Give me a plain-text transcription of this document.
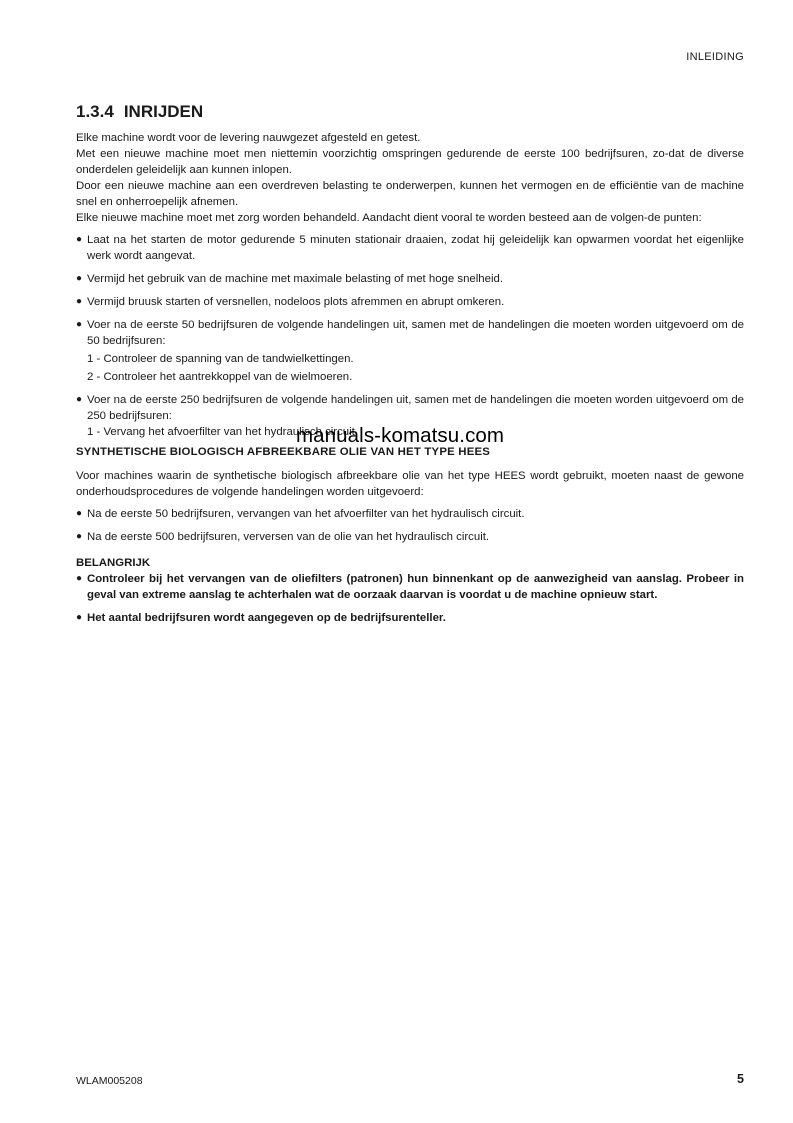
INLEIDING
1.3.4 INRIJDEN

Elke machine wordt voor de levering nauwgezet afgesteld en getest.

Met een nieuwe machine moet men niettemin voorzichtig omspringen gedurende de eerste 100 bedrijfsuren, zo-dat de diverse onderdelen geleidelijk aan kunnen inlopen.

Door een nieuwe machine aan een overdreven belasting te onderwerpen, kunnen het vermogen en de efficiëntie van de machine snel en onherroepelijk afnemen.

Elke nieuwe machine moet met zorg worden behandeld. Aandacht dient vooral te worden besteed aan de volgen-de punten:

● Laat na het starten de motor gedurende 5 minuten stationair draaien, zodat hij geleidelijk kan opwarmen voordat het eigenlijke werk wordt aangevat.
● Vermijd het gebruik van de machine met maximale belasting of met hoge snelheid.
● Vermijd bruusk starten of versnellen, nodeloos plots afremmen en abrupt omkeren.
● Voer na de eerste 50 bedrijfsuren de volgende handelingen uit, samen met de handelingen die moeten worden uitgevoerd om de 50 bedrijfsuren:
1 - Controleer de spanning van de tandwielkettingen.
2 - Controleer het aantrekkoppel van de wielmoeren.
● Voer na de eerste 250 bedrijfsuren de volgende handelingen uit, samen met de handelingen die moeten worden uitgevoerd om de 250 bedrijfsuren:
1 - Vervang het afvoerfilter van het hydraulisch circuit.
SYNTHETISCHE BIOLOGISCH AFBREEKBARE OLIE VAN HET TYPE HEES

Voor machines waarin de synthetische biologisch afbreekbare olie van het type HEES wordt gebruikt, moeten naast de gewone onderhoudsprocedures de volgende handelingen worden uitgevoerd:

● Na de eerste 50 bedrijfsuren, vervangen van het afvoerfilter van het hydraulisch circuit.
● Na de eerste 500 bedrijfsuren, verversen van de olie van het hydraulisch circuit.
BELANGRIJK
● Controleer bij het vervangen van de oliefilters (patronen) hun binnenkant op de aanwezigheid van aanslag. Probeer in geval van extreme aanslag te achterhalen wat de oorzaak daarvan is voordat u de machine opnieuw start.
● Het aantal bedrijfsuren wordt aangegeven op de bedrijfsurenteller.
manuals-komatsu.com
WLAM005208	5
